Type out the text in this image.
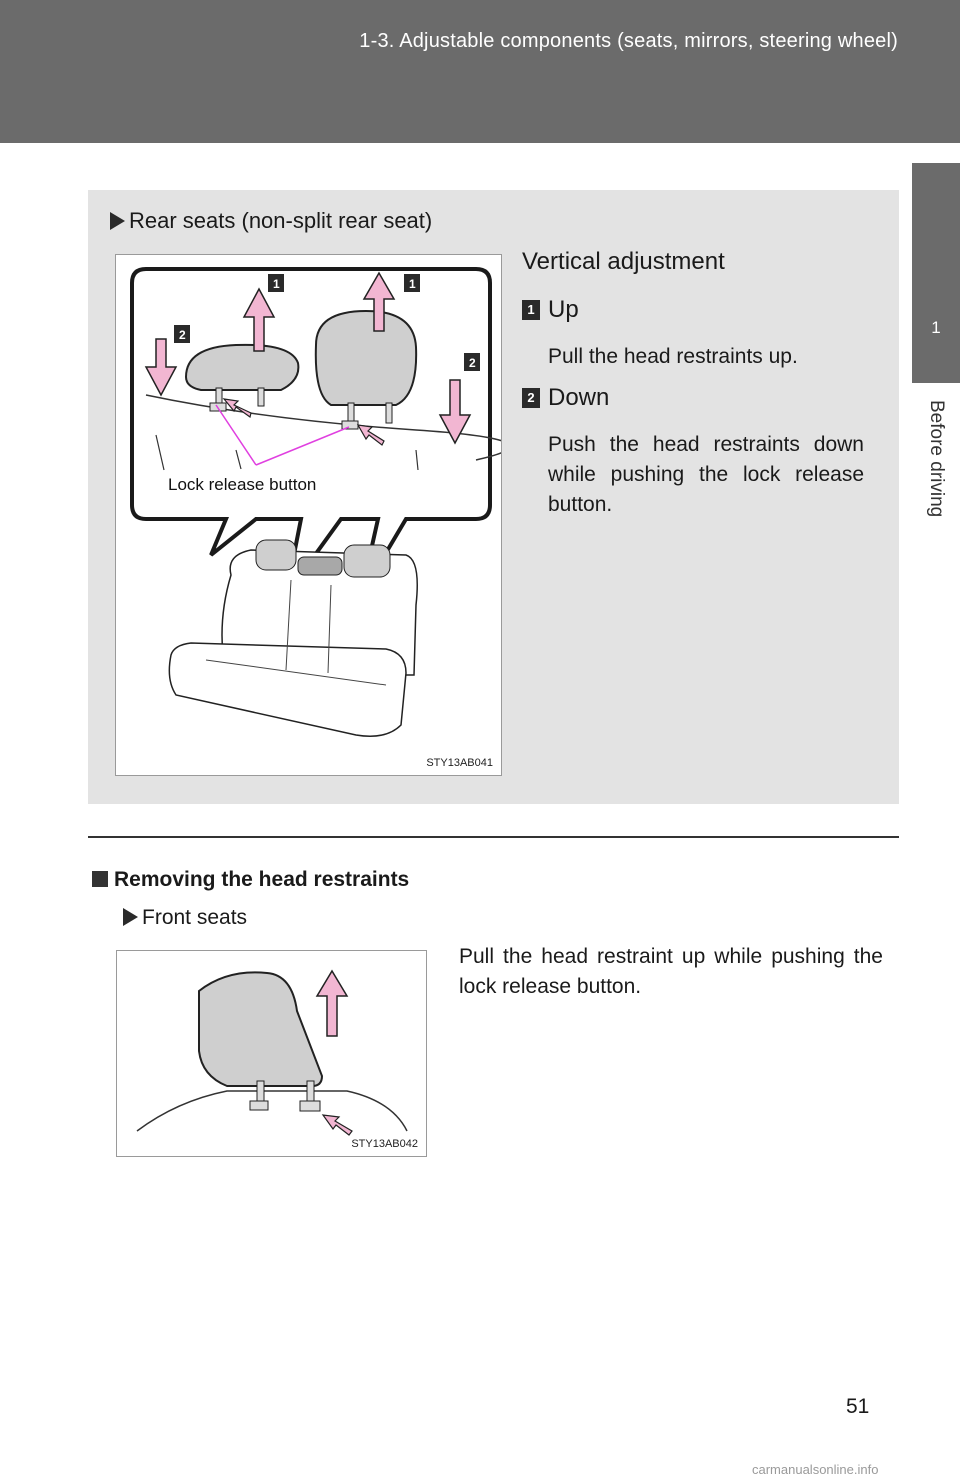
1-3. Adjustable components (seats, mirrors, steering wheel)
1
Before driving
Rear seats (non-split rear seat)
1	1
2
2
Lock release button
STY13AB041
Vertical adjustment
1 Up
Pull the head restraints up.
2 Down
Push the head restraints down while pushing the lock release button.
Removing the head restraints
Front seats
STY13AB042
Pull the head restraint up while pushing the lock release button.
51
carmanualsonline.info
